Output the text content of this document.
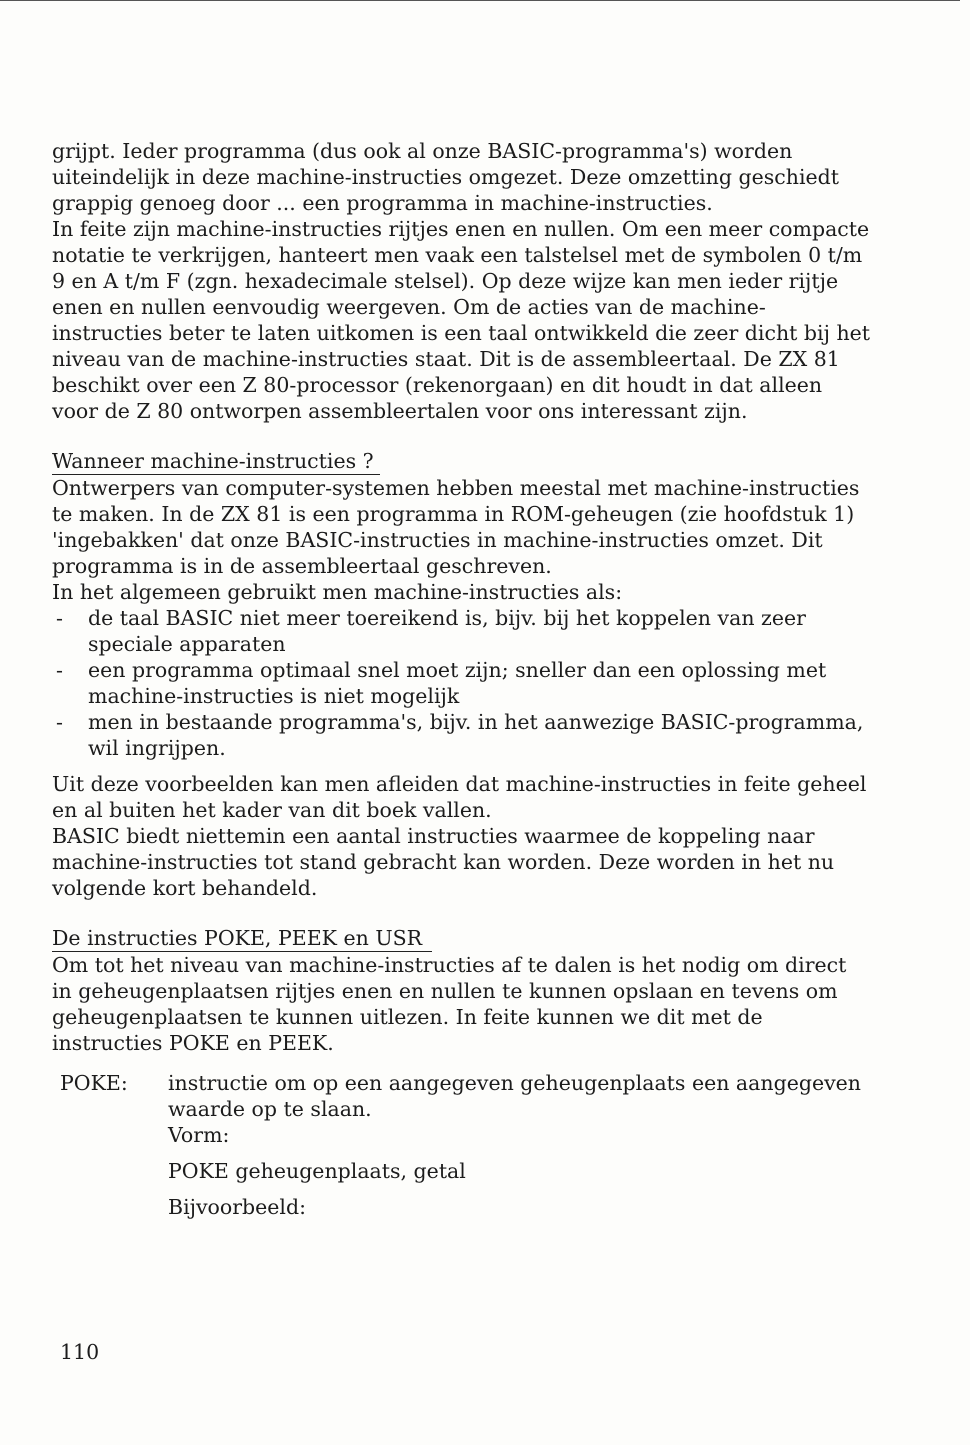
grijpt. Ieder programma (dus ook al onze BASIC-programma's) worden uiteindelijk in deze machine-instructies omgezet. Deze omzetting geschiedt grappig genoeg door ... een programma in machine-instructies.

In feite zijn machine-instructies rijtjes enen en nullen. Om een meer compacte notatie te verkrijgen, hanteert men vaak een talstelsel met de symbolen 0 t/m 9 en A t/m F (zgn. hexadecimale stelsel). Op deze wijze kan men ieder rijtje enen en nullen eenvoudig weergeven. Om de acties van de machine-instructies beter te laten uitkomen is een taal ontwikkeld die zeer dicht bij het niveau van de machine-instructies staat. Dit is de assembleertaal. De ZX 81 beschikt over een Z 80-processor (rekenorgaan) en dit houdt in dat alleen voor de Z 80 ontworpen assembleertalen voor ons interessant zijn.

Wanneer machine-instructies ?

Ontwerpers van computer-systemen hebben meestal met machine-instructies te maken. In de ZX 81 is een programma in ROM-geheugen (zie hoofdstuk 1) 'ingebakken' dat onze BASIC-instructies in machine-instructies omzet. Dit programma is in de assembleertaal geschreven.

In het algemeen gebruikt men machine-instructies als:

- de taal BASIC niet meer toereikend is, bijv. bij het koppelen van zeer speciale apparaten
- een programma optimaal snel moet zijn; sneller dan een oplossing met machine-instructies is niet mogelijk
- men in bestaande programma's, bijv. in het aanwezige BASIC-programma, wil ingrijpen.

Uit deze voorbeelden kan men afleiden dat machine-instructies in feite geheel en al buiten het kader van dit boek vallen.

BASIC biedt niettemin een aantal instructies waarmee de koppeling naar machine-instructies tot stand gebracht kan worden. Deze worden in het nu volgende kort behandeld.

De instructies POKE, PEEK en USR

Om tot het niveau van machine-instructies af te dalen is het nodig om direct in geheugenplaatsen rijtjes enen en nullen te kunnen opslaan en tevens om geheugenplaatsen te kunnen uitlezen. In feite kunnen we dit met de instructies POKE en PEEK.

POKE:	instructie om op een aangegeven geheugenplaats een aangegeven waarde op te slaan.

Vorm:

POKE geheugenplaats, getal

Bijvoorbeeld:

110
